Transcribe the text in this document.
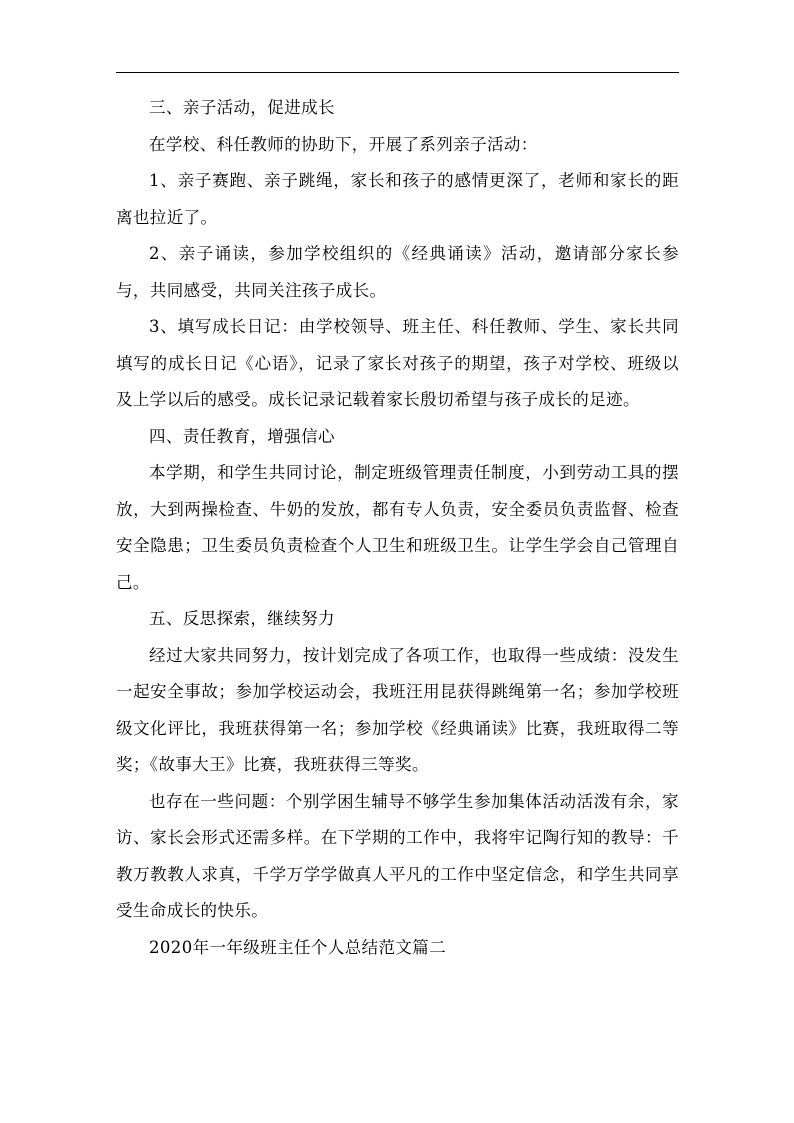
三、亲子活动，促进成长

在学校、科任教师的协助下，开展了系列亲子活动：

1、亲子赛跑、亲子跳绳，家长和孩子的感情更深了，老师和家长的距离也拉近了。

2、亲子诵读，参加学校组织的《经典诵读》活动，邀请部分家长参与，共同感受，共同关注孩子成长。

3、填写成长日记：由学校领导、班主任、科任教师、学生、家长共同填写的成长日记《心语》，记录了家长对孩子的期望，孩子对学校、班级以及上学以后的感受。成长记录记载着家长殷切希望与孩子成长的足迹。

四、责任教育，增强信心

本学期，和学生共同讨论，制定班级管理责任制度，小到劳动工具的摆放，大到两操检查、牛奶的发放，都有专人负责，安全委员负责监督、检查安全隐患；卫生委员负责检查个人卫生和班级卫生。让学生学会自己管理自己。

五、反思探索，继续努力

经过大家共同努力，按计划完成了各项工作，也取得一些成绩：没发生一起安全事故；参加学校运动会，我班汪用昆获得跳绳第一名；参加学校班级文化评比，我班获得第一名；参加学校《经典诵读》比赛，我班取得二等奖；《故事大王》比赛，我班获得三等奖。

也存在一些问题：个别学困生辅导不够学生参加集体活动活泼有余，家访、家长会形式还需多样。在下学期的工作中，我将牢记陶行知的教导：千教万教教人求真，千学万学学做真人平凡的工作中坚定信念，和学生共同享受生命成长的快乐。

2020年一年级班主任个人总结范文篇二
